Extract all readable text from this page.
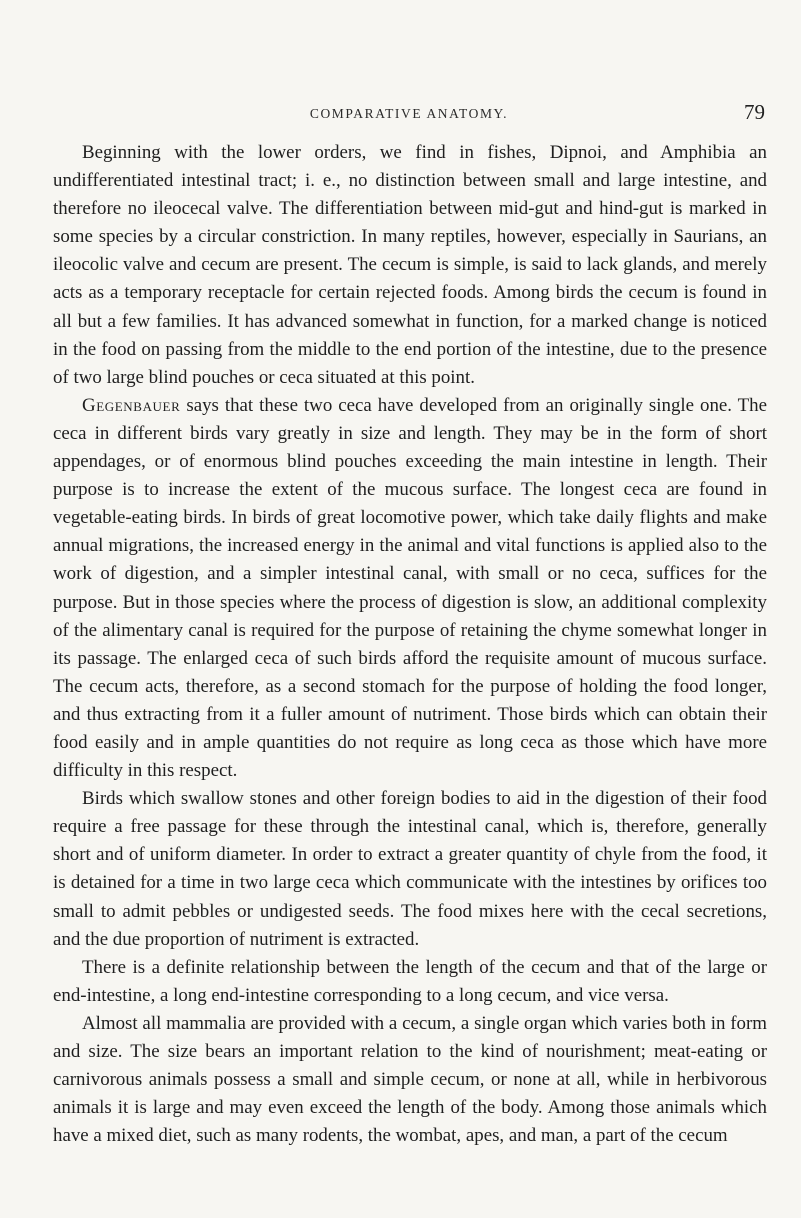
COMPARATIVE ANATOMY.	79

Beginning with the lower orders, we find in fishes, Dipnoi, and Amphibia an undifferentiated intestinal tract; i. e., no distinction between small and large intestine, and therefore no ileocecal valve. The differentiation between mid-gut and hind-gut is marked in some species by a circular constriction. In many reptiles, however, especially in Saurians, an ileocolic valve and cecum are present. The cecum is simple, is said to lack glands, and merely acts as a temporary receptacle for certain rejected foods. Among birds the cecum is found in all but a few families. It has advanced somewhat in function, for a marked change is noticed in the food on passing from the middle to the end portion of the intestine, due to the presence of two large blind pouches or ceca situated at this point.

Gegenbauer says that these two ceca have developed from an originally single one. The ceca in different birds vary greatly in size and length. They may be in the form of short appendages, or of enormous blind pouches exceeding the main intestine in length. Their purpose is to increase the extent of the mucous surface. The longest ceca are found in vegetable-eating birds. In birds of great locomotive power, which take daily flights and make annual migrations, the increased energy in the animal and vital functions is applied also to the work of digestion, and a simpler intestinal canal, with small or no ceca, suffices for the purpose. But in those species where the process of digestion is slow, an additional complexity of the alimentary canal is required for the purpose of retaining the chyme somewhat longer in its passage. The enlarged ceca of such birds afford the requisite amount of mucous surface. The cecum acts, therefore, as a second stomach for the purpose of holding the food longer, and thus extracting from it a fuller amount of nutriment. Those birds which can obtain their food easily and in ample quantities do not require as long ceca as those which have more difficulty in this respect.

Birds which swallow stones and other foreign bodies to aid in the digestion of their food require a free passage for these through the intestinal canal, which is, therefore, generally short and of uniform diameter. In order to extract a greater quantity of chyle from the food, it is detained for a time in two large ceca which communicate with the intestines by orifices too small to admit pebbles or undigested seeds. The food mixes here with the cecal secretions, and the due proportion of nutriment is extracted.

There is a definite relationship between the length of the cecum and that of the large or end-intestine, a long end-intestine corresponding to a long cecum, and vice versa.

Almost all mammalia are provided with a cecum, a single organ which varies both in form and size. The size bears an important relation to the kind of nourishment; meat-eating or carnivorous animals possess a small and simple cecum, or none at all, while in herbivorous animals it is large and may even exceed the length of the body. Among those animals which have a mixed diet, such as many rodents, the wombat, apes, and man, a part of the cecum
